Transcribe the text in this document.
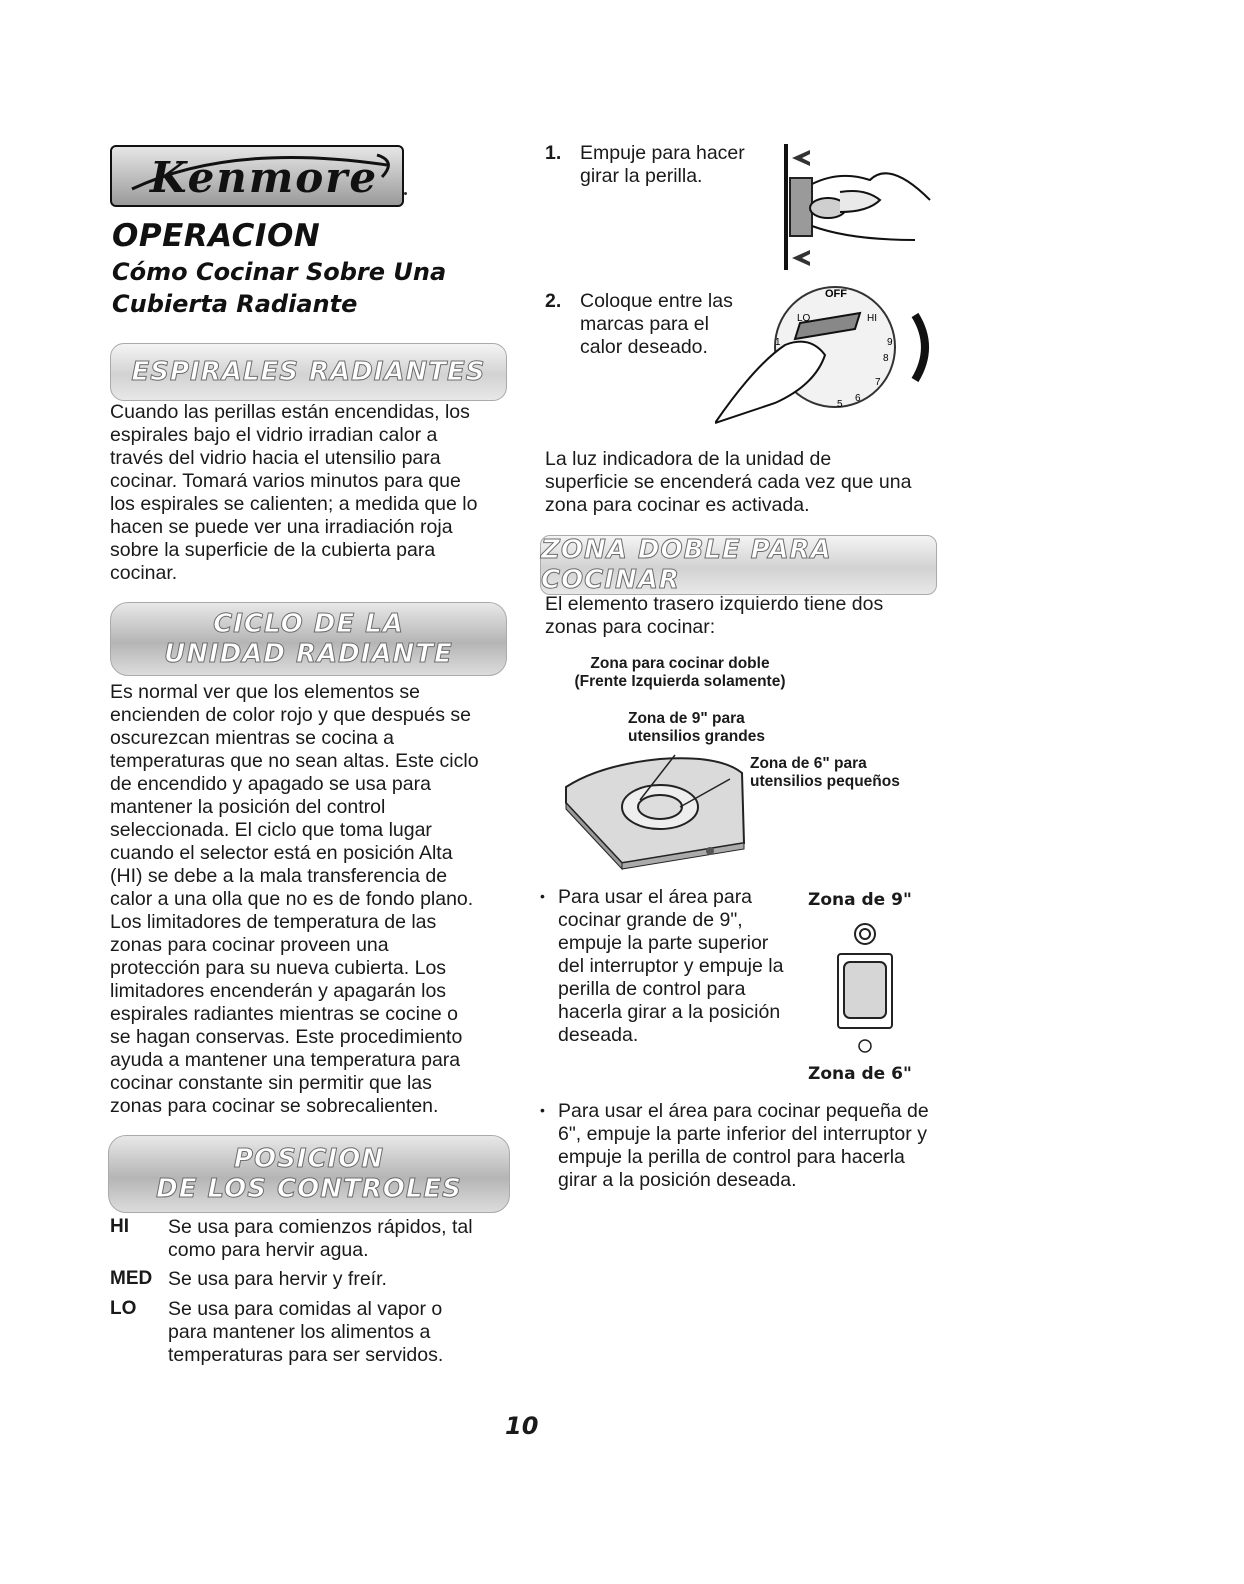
Kenmore
OPERACION
Cómo Cocinar Sobre Una
Cubierta Radiante
ESPIRALES RADIANTES
Cuando las perillas están encendidas, los
espirales bajo el vidrio irradian calor a
través del vidrio hacia el utensilio para
cocinar. Tomará varios minutos para que
los espirales se calienten; a medida que lo
hacen se puede ver una irradiación roja
sobre la superficie de la cubierta para
cocinar.
CICLO DE LA
UNIDAD RADIANTE
Es normal ver que los elementos se
encienden de color rojo y que después se
oscurezcan mientras se cocina a
temperaturas que no sean altas. Este ciclo
de encendido y apagado se usa para
mantener la posición del control
seleccionada. El ciclo que toma lugar
cuando el selector está en posición Alta
(HI) se debe a la mala transferencia de
calor a una olla que no es de fondo plano.
Los limitadores de temperatura de las
zonas para cocinar proveen una
protección para su nueva cubierta. Los
limitadores encenderán y apagarán los
espirales radiantes mientras se cocine o
se hagan conservas. Este procedimiento
ayuda a mantener una temperatura para
cocinar constante sin permitir que las
zonas para cocinar se sobrecalienten.
POSICION
DE LOS CONTROLES
HI	Se usa para comienzos rápidos, tal
como para hervir agua.
MED Se usa para hervir y freír.
LO	Se usa para comidas al vapor o
para mantener los alimentos a
temperaturas para ser servidos.
1. Empuje para hacer
girar la perilla.
2. Coloque entre las
marcas para el
calor deseado.
OFF
LO	HI
1
8
9
7
6
5
La luz indicadora de la unidad de
superficie se encenderá cada vez que una
zona para cocinar es activada.
ZONA DOBLE PARA COCINAR
El elemento trasero izquierdo tiene dos
zonas para cocinar:
Zona para cocinar doble
(Frente Izquierda solamente)
Zona de 9" para
utensilios grandes
Zona de 6" para
utensilios pequeños
• Para usar el área para
cocinar grande de 9",
empuje la parte superior
del interruptor y empuje la
perilla de control para
hacerla girar a la posición
deseada.
Zona de 9"
Zona de 6"
• Para usar el área para cocinar pequeña de
6", empuje la parte inferior del interruptor y
empuje la perilla de control para hacerla
girar a la posición deseada.
10
